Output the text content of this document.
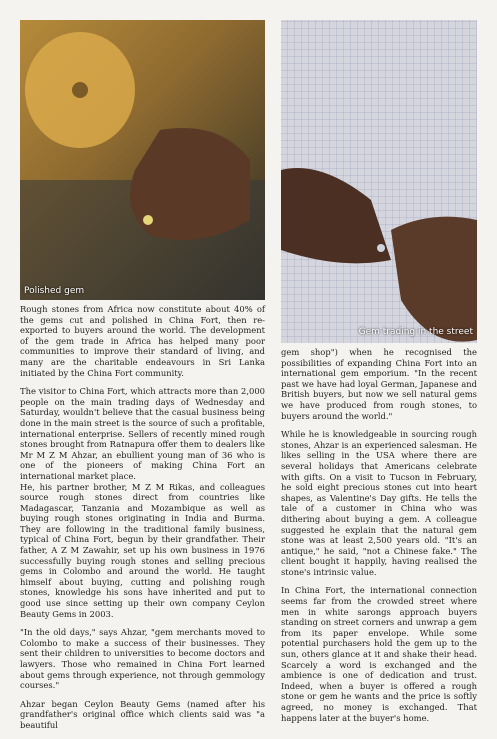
Polished gem
Gem trading in the street

Rough stones from Africa now constitute about 40% of the gems cut and polished in China Fort, then re-exported to buyers around the world. The development of the gem trade in Africa has helped many poor communities to improve their standard of living, and many are the charitable endeavours in Sri Lanka initiated by the China Fort community.

The visitor to China Fort, which attracts more than 2,000 people on the main trading days of Wednesday and Saturday, wouldn't believe that the casual business being done in the main street is the source of such a profitable, international enterprise. Sellers of recently mined rough stones brought from Ratnapura offer them to dealers like Mr M Z M Ahzar, an ebullient young man of 36 who is one of the pioneers of making China Fort an international market place.

He, his partner brother, M Z M Rikas, and colleagues source rough stones direct from countries like Madagascar, Tanzania and Mozambique as well as buying rough stones originating in India and Burma. They are following in the traditional family business, typical of China Fort, begun by their grandfather. Their father, A Z M Zawahir, set up his own business in 1976 successfully buying rough stones and selling precious gems in Colombo and around the world. He taught himself about buying, cutting and polishing rough stones, knowledge his sons have inherited and put to good use since setting up their own company Ceylon Beauty Gems in 2003.

"In the old days," says Ahzar, "gem merchants moved to Colombo to make a success of their businesses. They sent their children to universities to become doctors and lawyers. Those who remained in China Fort learned about gems through experience, not through gemmology courses."

Ahzar began Ceylon Beauty Gems (named after his grandfather's original office which clients said was "a beautiful

gem shop") when he recognised the possibilities of expanding China Fort into an international gem emporium. "In the recent past we have had loyal German, Japanese and British buyers, but now we sell natural gems we have produced from rough stones, to buyers around the world."

While he is knowledgeable in sourcing rough stones, Ahzar is an experienced salesman. He likes selling in the USA where there are several holidays that Americans celebrate with gifts. On a visit to Tucson in February, he sold eight precious stones cut into heart shapes, as Valentine's Day gifts. He tells the tale of a customer in China who was dithering about buying a gem. A colleague suggested he explain that the natural gem stone was at least 2,500 years old. "It's an antique," he said, "not a Chinese fake." The client bought it happily, having realised the stone's intrinsic value.

In China Fort, the international connection seems far from the crowded street where men in white sarongs approach buyers standing on street corners and unwrap a gem from its paper envelope. While some potential purchasers hold the gem up to the sun, others glance at it and shake their head. Scarcely a word is exchanged and the ambience is one of dedication and trust. Indeed, when a buyer is offered a rough stone or gem he wants and the price is softly agreed, no money is exchanged. That happens later at the buyer's home.
